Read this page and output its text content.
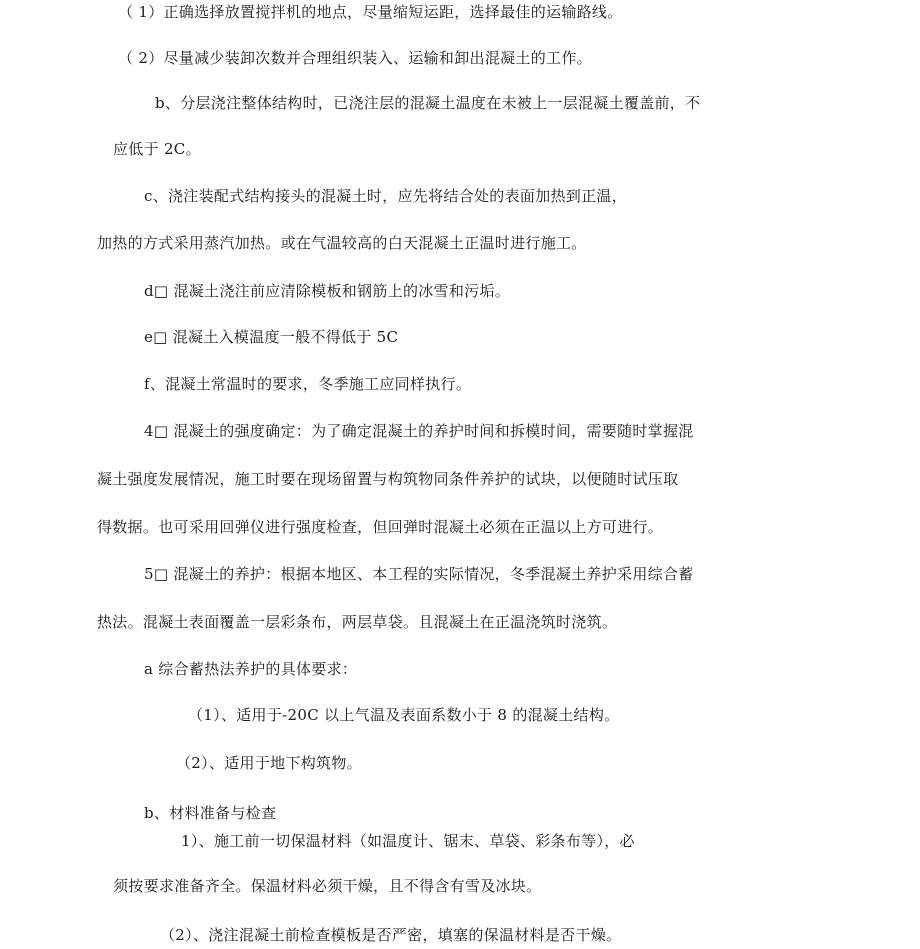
（ 1）正确选择放置搅拌机的地点，尽量缩短运距，选择最佳的运输路线。
（ 2）尽量减少装卸次数并合理组织装入、运输和卸出混凝土的工作。
b、分层浇注整体结构时，已浇注层的混凝土温度在未被上一层混凝土覆盖前，不
应低于 2C。
c、浇注装配式结构接头的混凝土时，应先将结合处的表面加热到正温，
加热的方式采用蒸汽加热。或在气温较高的白天混凝土正温时进行施工。
d□ 混凝土浇注前应清除模板和钢筋上的冰雪和污垢。
e□ 混凝土入模温度一般不得低于 5C
f、混凝土常温时的要求，冬季施工应同样执行。
4□ 混凝土的强度确定：为了确定混凝土的养护时间和拆模时间，需要随时掌握混
凝土强度发展情况，施工时要在现场留置与构筑物同条件养护的试块，以便随时试压取
得数据。也可采用回弹仪进行强度检查，但回弹时混凝土必须在正温以上方可进行。
5□ 混凝土的养护：根据本地区、本工程的实际情况，冬季混凝土养护采用综合蓄
热法。混凝土表面覆盖一层彩条布，两层草袋。且混凝土在正温浇筑时浇筑。
a 综合蓄热法养护的具体要求：
（1）、适用于-20C 以上气温及表面系数小于 8 的混凝土结构。
（2）、适用于地下构筑物。
b、材料准备与检查
1）、施工前一切保温材料（如温度计、锯末、草袋、彩条布等），必
须按要求准备齐全。保温材料必须干燥，且不得含有雪及冰块。
（2）、浇注混凝土前检查模板是否严密，填塞的保温材料是否干燥。
